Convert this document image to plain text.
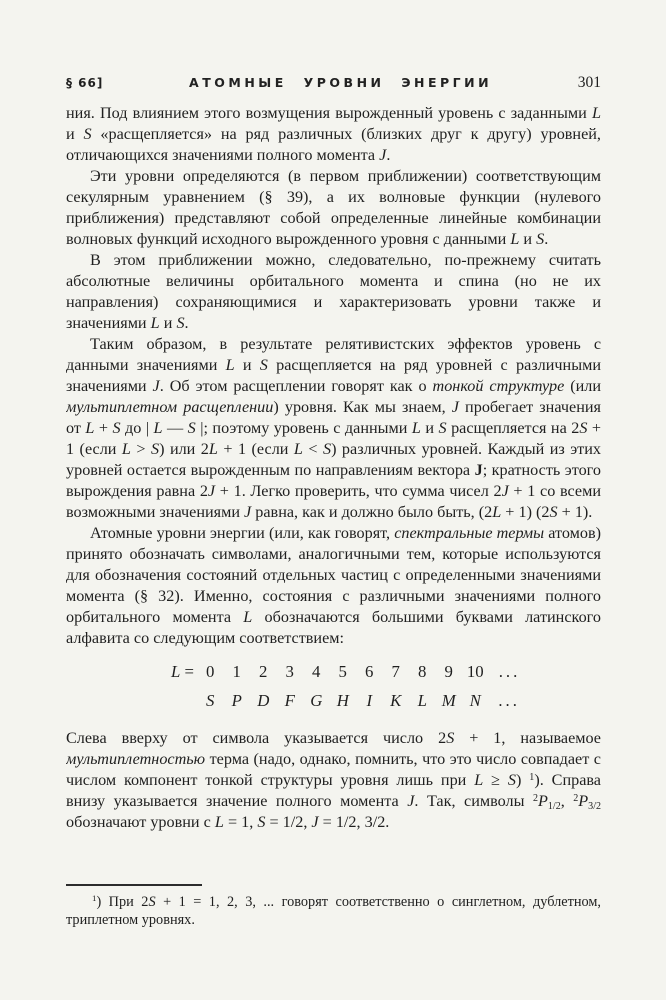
§ 66]	АТОМНЫЕ УРОВНИ ЭНЕРГИИ	301

ния. Под влиянием этого возмущения вырожденный уровень с заданными L и S «расщепляется» на ряд различных (близких друг к другу) уровней, отличающихся значениями полного момента J.

Эти уровни определяются (в первом приближении) соответствующим секулярным уравнением (§ 39), а их волновые функции (нулевого приближения) представляют собой определенные линейные комбинации волновых функций исходного вырожденного уровня с данными L и S.

В этом приближении можно, следовательно, по-прежнему считать абсолютные величины орбитального момента и спина (но не их направления) сохраняющимися и характеризовать уровни также и значениями L и S.

Таким образом, в результате релятивистских эффектов уровень с данными значениями L и S расщепляется на ряд уровней с различными значениями J. Об этом расщеплении говорят как о тонкой структуре (или мультиплетном расщеплении) уровня. Как мы знаем, J пробегает значения от L + S до | L — S |; поэтому уровень с данными L и S расщепляется на 2S + 1 (если L > S) или 2L + 1 (если L < S) различных уровней. Каждый из этих уровней остается вырожденным по направлениям вектора J; кратность этого вырождения равна 2J + 1. Легко проверить, что сумма чисел 2J + 1 со всеми возможными значениями J равна, как и должно было быть, (2L + 1) (2S + 1).

Атомные уровни энергии (или, как говорят, спектральные термы атомов) принято обозначать символами, аналогичными тем, которые используются для обозначения состояний отдельных частиц с определенными значениями момента (§ 32). Именно, состояния с различными значениями полного орбитального момента L обозначаются большими буквами латинского алфавита со следующим соответствием:

L = 0	1	2	3	4	5	6	7	8	9 10 ...
S	P D F G H	I	K L M N	...

Слева вверху от символа указывается число 2S + 1, называемое мультиплетностью терма (надо, однако, помнить, что это число совпадает с числом компонент тонкой структуры уровня лишь при L ≥ S) $^1$). Справа внизу указывается значение полного момента J. Так, символы $^2$P1/2, $^2$P3/2 обозначают уровни с L = 1, S = 1/2, J = 1/2, 3/2.

$^1$) При 2S + 1 = 1, 2, 3, ... говорят соответственно о синглетном, дублетном, триплетном уровнях.
